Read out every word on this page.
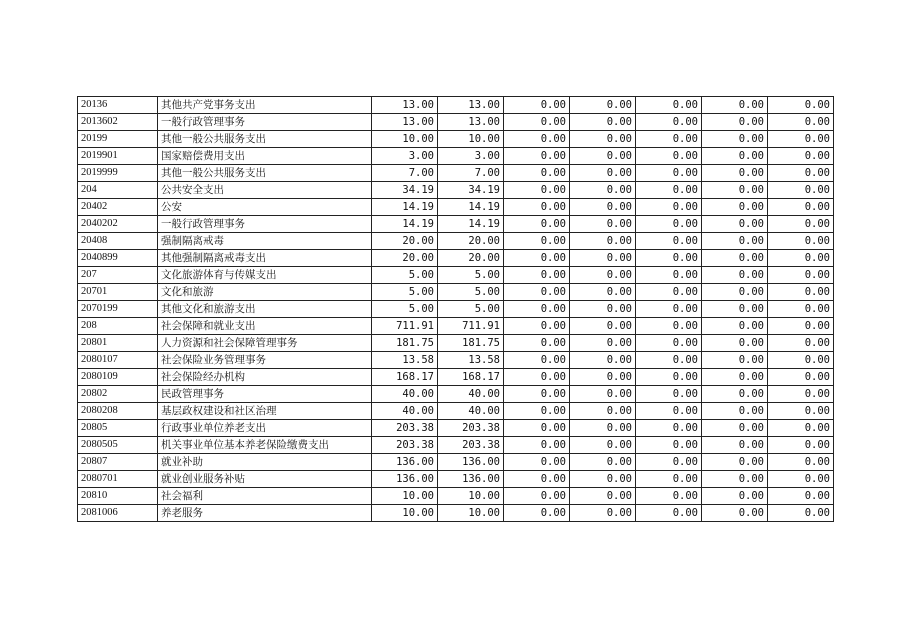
20136	其他共产党事务支出	13.00	13.00	0.00	0.00	0.00	0.00	0.00
2013602	一般行政管理事务	13.00	13.00	0.00	0.00	0.00	0.00	0.00
20199	其他一般公共服务支出	10.00	10.00	0.00	0.00	0.00	0.00	0.00
2019901	国家赔偿费用支出	3.00	3.00	0.00	0.00	0.00	0.00	0.00
2019999	其他一般公共服务支出	7.00	7.00	0.00	0.00	0.00	0.00	0.00
204	公共安全支出	34.19	34.19	0.00	0.00	0.00	0.00	0.00
20402	公安	14.19	14.19	0.00	0.00	0.00	0.00	0.00
2040202	一般行政管理事务	14.19	14.19	0.00	0.00	0.00	0.00	0.00
20408	强制隔离戒毒	20.00	20.00	0.00	0.00	0.00	0.00	0.00
2040899	其他强制隔离戒毒支出	20.00	20.00	0.00	0.00	0.00	0.00	0.00
207	文化旅游体育与传媒支出	5.00	5.00	0.00	0.00	0.00	0.00	0.00
20701	文化和旅游	5.00	5.00	0.00	0.00	0.00	0.00	0.00
2070199	其他文化和旅游支出	5.00	5.00	0.00	0.00	0.00	0.00	0.00
208	社会保障和就业支出	711.91	711.91	0.00	0.00	0.00	0.00	0.00
20801	人力资源和社会保障管理事务	181.75	181.75	0.00	0.00	0.00	0.00	0.00
2080107	社会保险业务管理事务	13.58	13.58	0.00	0.00	0.00	0.00	0.00
2080109	社会保险经办机构	168.17	168.17	0.00	0.00	0.00	0.00	0.00
20802	民政管理事务	40.00	40.00	0.00	0.00	0.00	0.00	0.00
2080208	基层政权建设和社区治理	40.00	40.00	0.00	0.00	0.00	0.00	0.00
20805	行政事业单位养老支出	203.38	203.38	0.00	0.00	0.00	0.00	0.00
2080505	机关事业单位基本养老保险缴费支出	203.38	203.38	0.00	0.00	0.00	0.00	0.00
20807	就业补助	136.00	136.00	0.00	0.00	0.00	0.00	0.00
2080701	就业创业服务补贴	136.00	136.00	0.00	0.00	0.00	0.00	0.00
20810	社会福利	10.00	10.00	0.00	0.00	0.00	0.00	0.00
2081006	养老服务	10.00	10.00	0.00	0.00	0.00	0.00	0.00
